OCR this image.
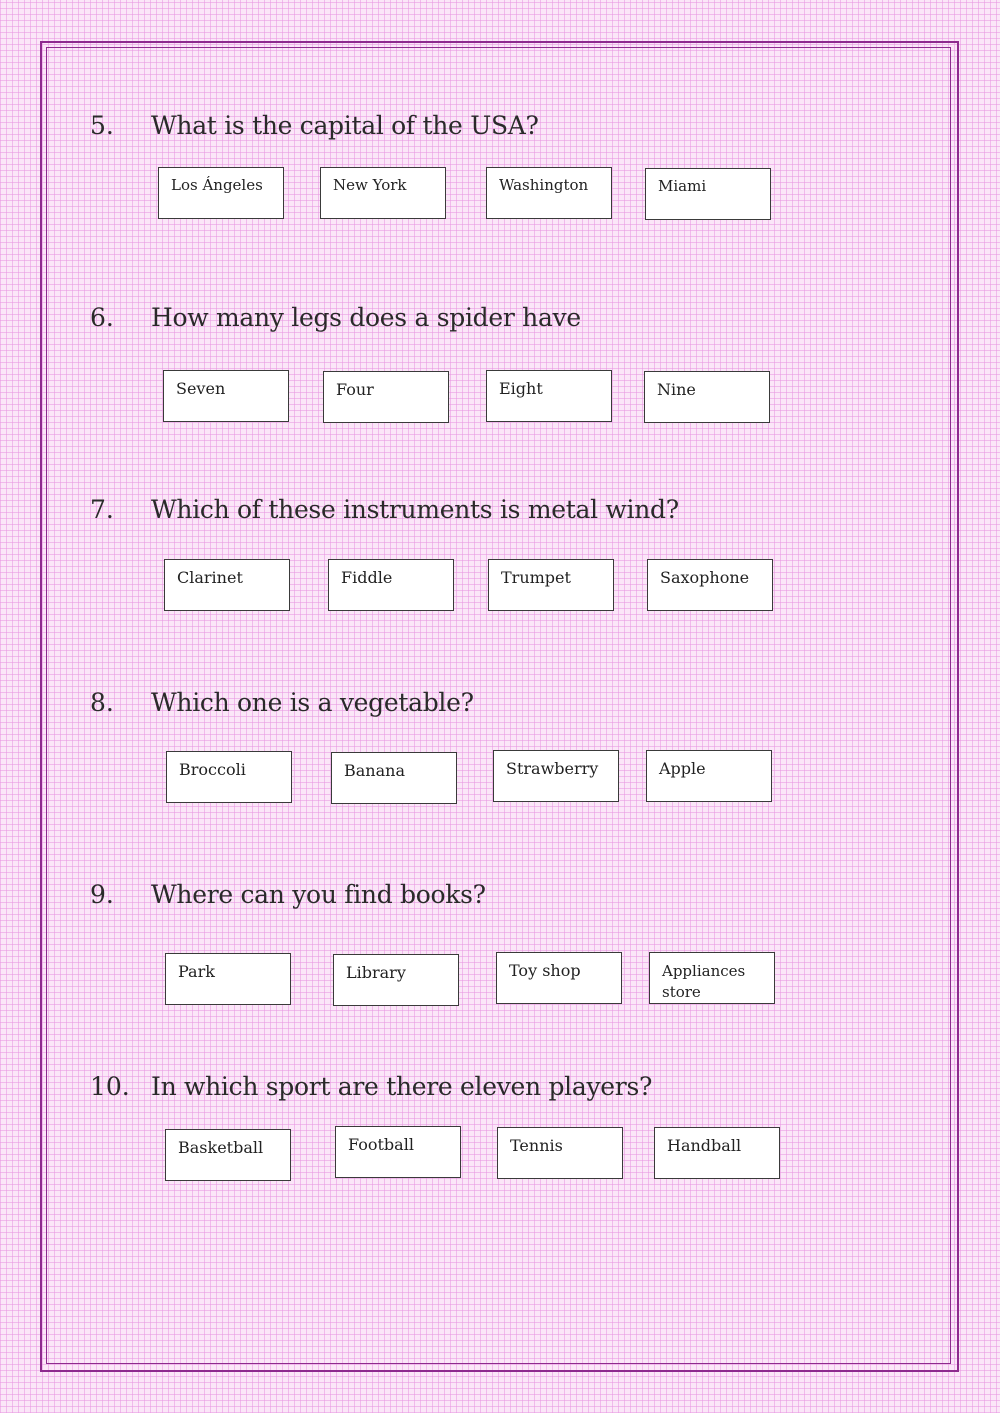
5. What is the capital of the USA?
Los Ángeles	New York	Washington	Miami
6. How many legs does a spider have
Seven	Four	Eight	Nine
7. Which of these instruments is metal wind?
Clarinet	Fiddle	Trumpet	Saxophone
8. Which one is a vegetable?
Broccoli	Banana	Strawberry	Apple
9. Where can you find books?
Park	Library	Toy shop	Appliances store
10. In which sport are there eleven players?
Basketball	Football	Tennis	Handball
